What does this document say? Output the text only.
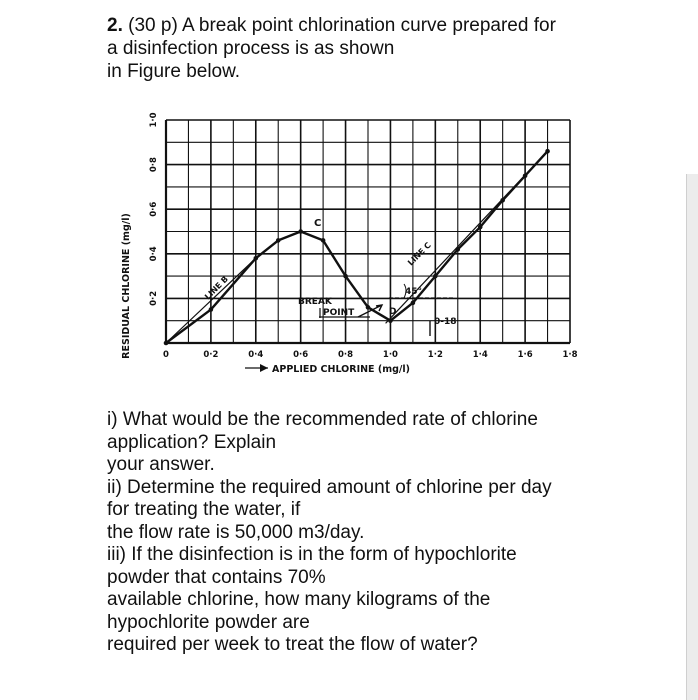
2. (30 p) A break point chlorination curve prepared for
a disinfection process is as shown
in Figure below.
0	0·2	0·4	0·6	0·8	1·0	1·2	1·4	1·6	1·8
0·2
0·4
0·6
0·8
1·0
LINE B
LINE C
C
D
45°
BREAK
POINT
0-18
APPLIED CHLORINE (mg/l)
RESIDUAL CHLORINE (mg/l)
i) What would be the recommended rate of chlorine
application? Explain
your answer.
ii) Determine the required amount of chlorine per day
for treating the water, if
the flow rate is 50,000 m3/day.
iii) If the disinfection is in the form of hypochlorite
powder that contains 70%
available chlorine, how many kilograms of the
hypochlorite powder are
required per week to treat the flow of water?
